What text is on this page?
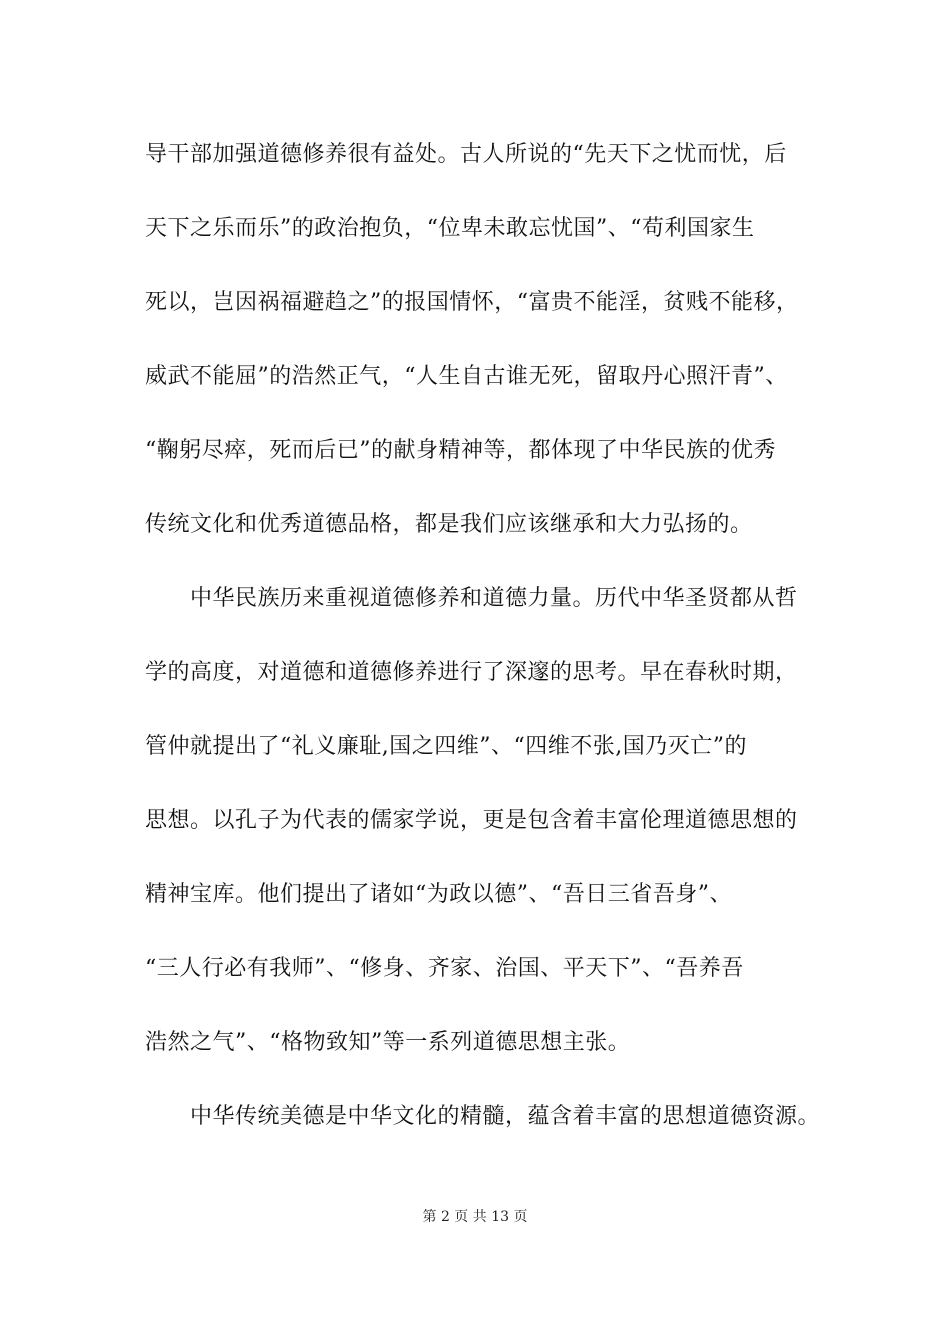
导干部加强道德修养很有益处。古人所说的“先天下之忧而忧，后
天下之乐而乐”的政治抱负，“位卑未敢忘忧国”、“苟利国家生
死以，岂因祸福避趋之”的报国情怀，“富贵不能淫，贫贱不能移，
威武不能屈”的浩然正气，“人生自古谁无死，留取丹心照汗青”、
“鞠躬尽瘁，死而后已”的献身精神等，都体现了中华民族的优秀
传统文化和优秀道德品格，都是我们应该继承和大力弘扬的。
中华民族历来重视道德修养和道德力量。历代中华圣贤都从哲
学的高度，对道德和道德修养进行了深邃的思考。早在春秋时期，
管仲就提出了“礼义廉耻,国之四维”、“四维不张,国乃灭亡”的
思想。以孔子为代表的儒家学说，更是包含着丰富伦理道德思想的
精神宝库。他们提出了诸如“为政以德”、“吾日三省吾身”、
“三人行必有我师”、“修身、齐家、治国、平天下”、“吾养吾
浩然之气”、“格物致知”等一系列道德思想主张。
中华传统美德是中华文化的精髓，蕴含着丰富的思想道德资源。
第 2 页 共 13 页
